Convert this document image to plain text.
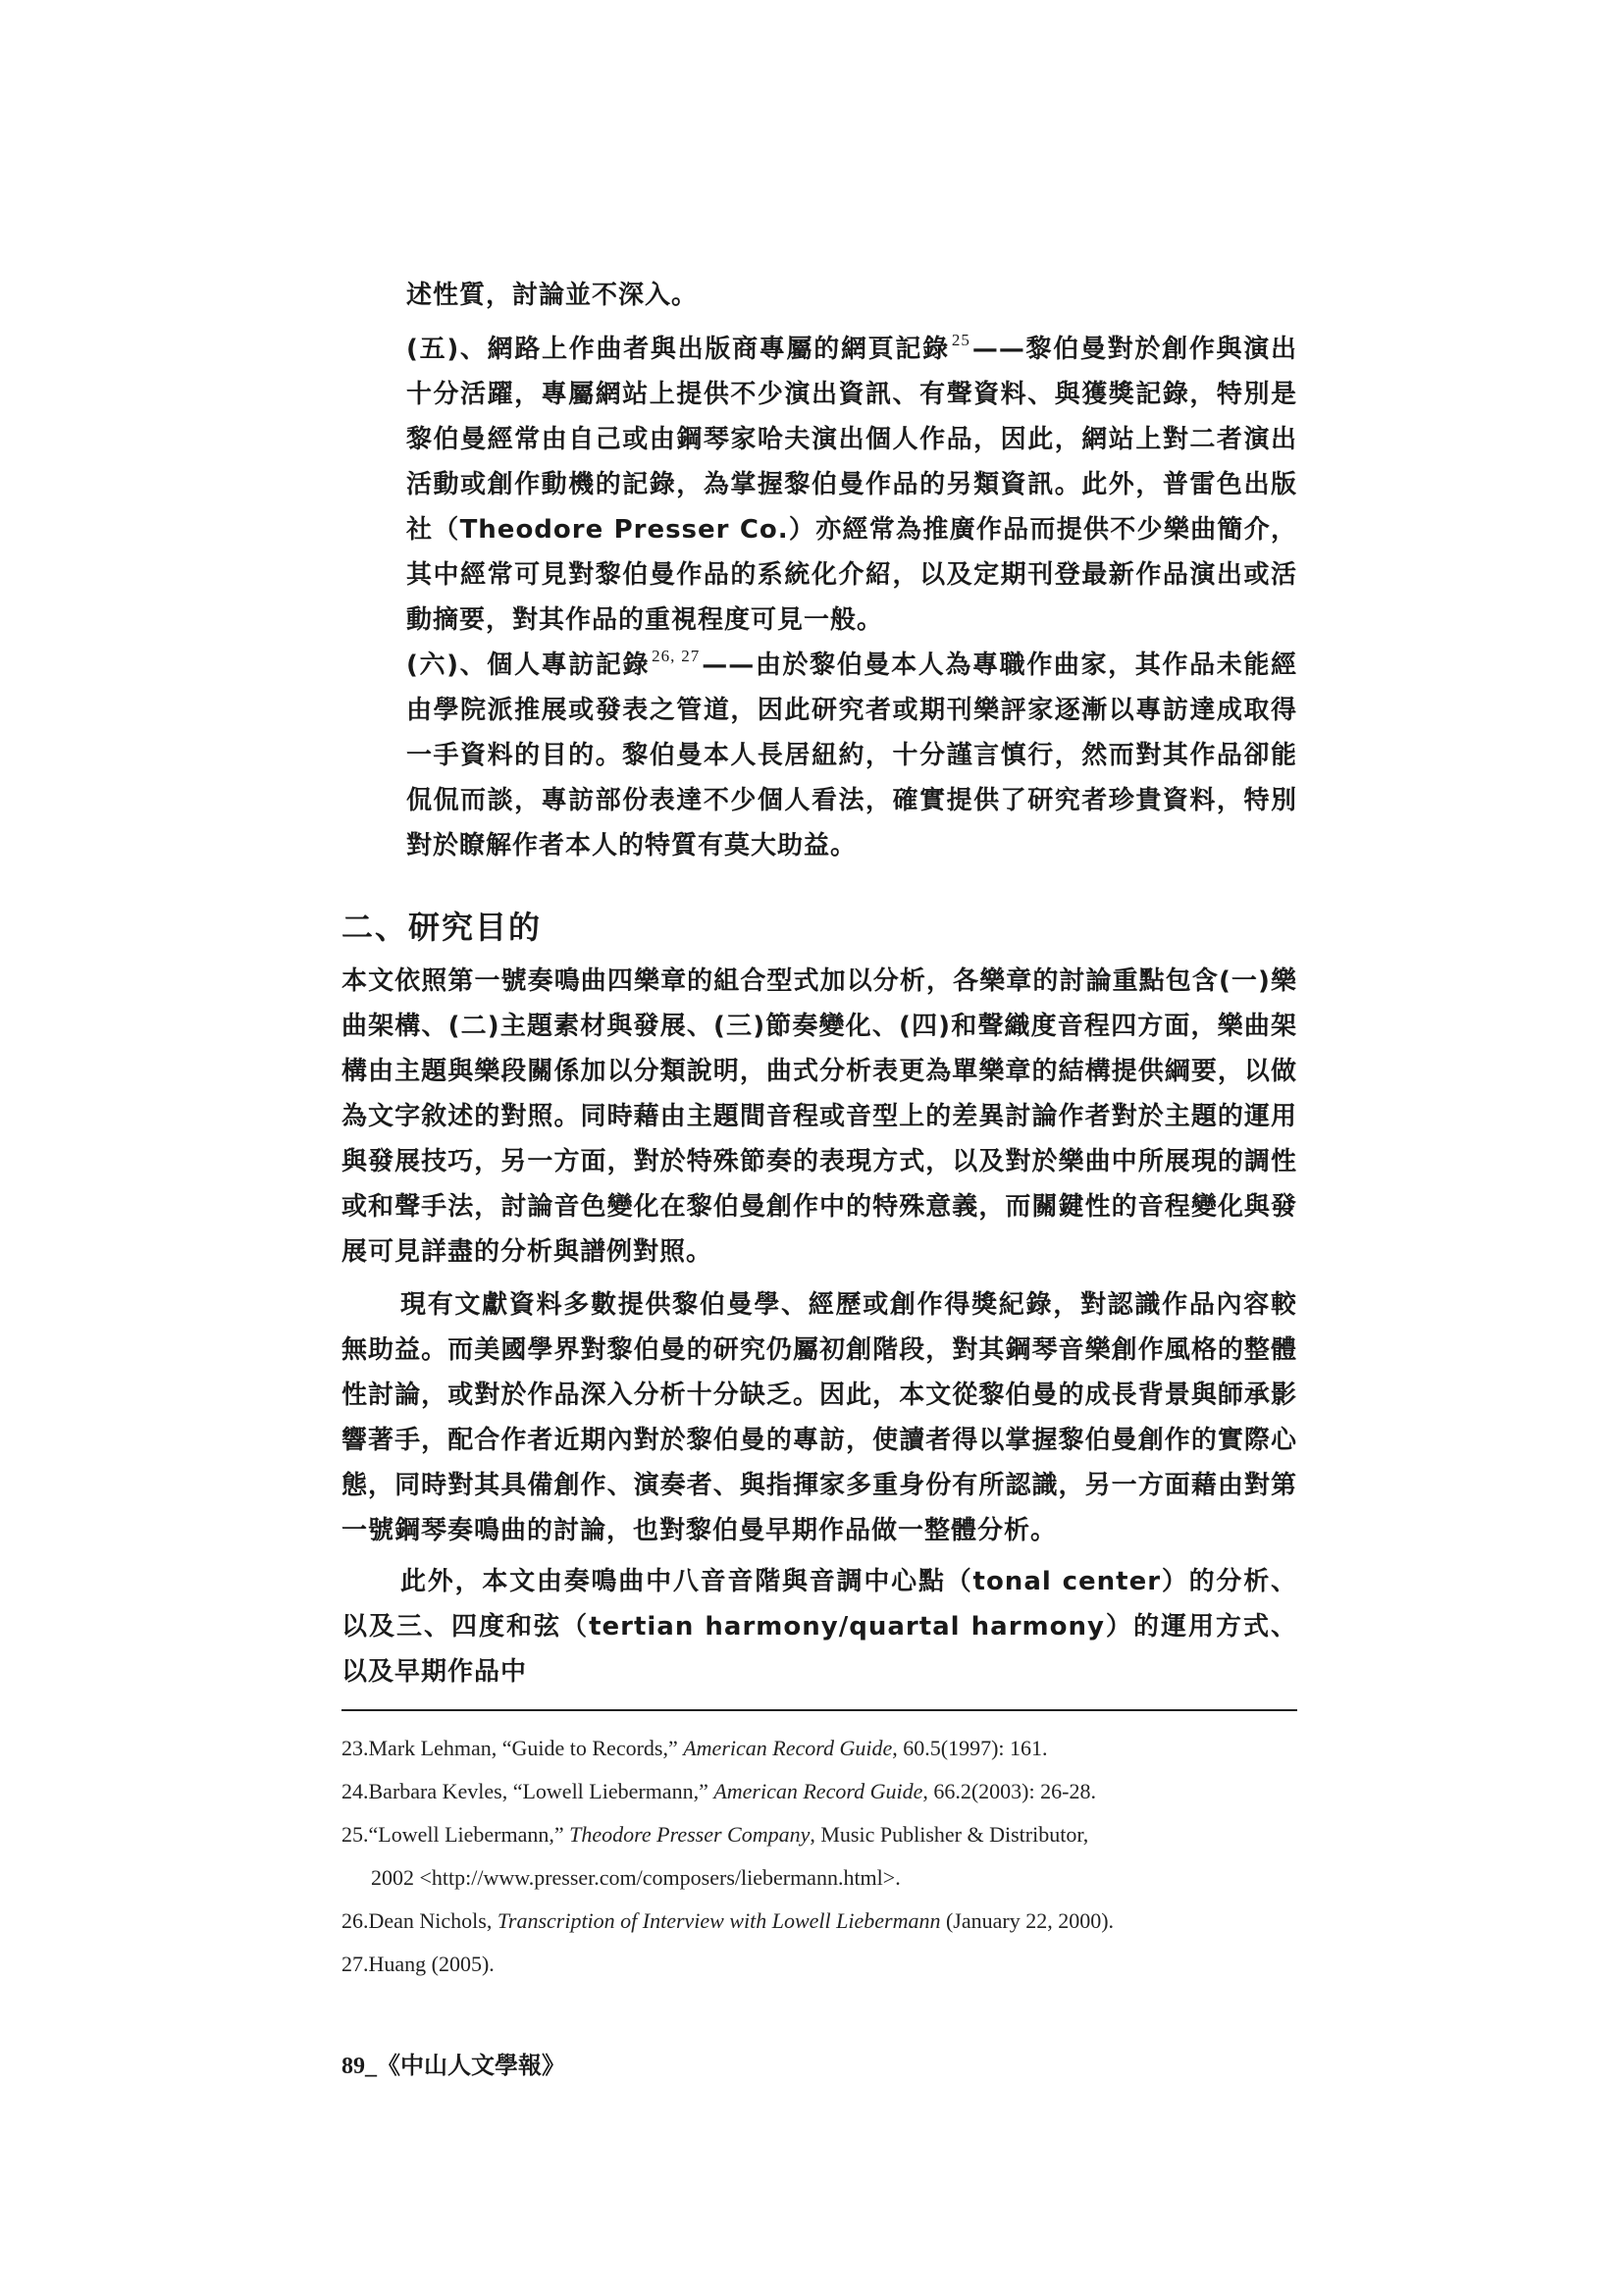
述性質，討論並不深入。
(五)、網路上作曲者與出版商專屬的網頁記錄 $^{25}$——黎伯曼對於創作與演出十分活躍，專屬網站上提供不少演出資訊、有聲資料、與獲獎記錄，特別是黎伯曼經常由自己或由鋼琴家哈夫演出個人作品，因此，網站上對二者演出活動或創作動機的記錄，為掌握黎伯曼作品的另類資訊。此外，普雷色出版社（Theodore Presser Co.）亦經常為推廣作品而提供不少樂曲簡介，其中經常可見對黎伯曼作品的系統化介紹，以及定期刊登最新作品演出或活動摘要，對其作品的重視程度可見一般。
(六)、個人專訪記錄 $^{26, 27}$——由於黎伯曼本人為專職作曲家，其作品未能經由學院派推展或發表之管道，因此研究者或期刊樂評家逐漸以專訪達成取得一手資料的目的。黎伯曼本人長居紐約，十分謹言慎行，然而對其作品卻能侃侃而談，專訪部份表達不少個人看法，確實提供了研究者珍貴資料，特別對於瞭解作者本人的特質有莫大助益。
二、研究目的
本文依照第一號奏鳴曲四樂章的組合型式加以分析，各樂章的討論重點包含(一)樂曲架構、(二)主題素材與發展、(三)節奏變化、(四)和聲織度音程四方面，樂曲架構由主題與樂段關係加以分類說明，曲式分析表更為單樂章的結構提供綱要，以做為文字敘述的對照。同時藉由主題間音程或音型上的差異討論作者對於主題的運用與發展技巧，另一方面，對於特殊節奏的表現方式，以及對於樂曲中所展現的調性或和聲手法，討論音色變化在黎伯曼創作中的特殊意義，而關鍵性的音程變化與發展可見詳盡的分析與譜例對照。
現有文獻資料多數提供黎伯曼學、經歷或創作得獎紀錄，對認識作品內容較無助益。而美國學界對黎伯曼的研究仍屬初創階段，對其鋼琴音樂創作風格的整體性討論，或對於作品深入分析十分缺乏。因此，本文從黎伯曼的成長背景與師承影響著手，配合作者近期內對於黎伯曼的專訪，使讀者得以掌握黎伯曼創作的實際心態，同時對其具備創作、演奏者、與指揮家多重身份有所認識，另一方面藉由對第一號鋼琴奏鳴曲的討論，也對黎伯曼早期作品做一整體分析。
此外，本文由奏鳴曲中八音音階與音調中心點（tonal center）的分析、以及三、四度和弦（tertian harmony/quartal harmony）的運用方式、以及早期作品中
23.Mark Lehman, “Guide to Records,” American Record Guide, 60.5(1997): 161.
24.Barbara Kevles, “Lowell Liebermann,” American Record Guide, 66.2(2003): 26-28.
25.“Lowell Liebermann,” Theodore Presser Company, Music Publisher & Distributor,
2002 <http://www.presser.com/composers/liebermann.html>.
26.Dean Nichols, Transcription of Interview with Lowell Liebermann (January 22, 2000).
27.Huang (2005).
89_《中山人文學報》
